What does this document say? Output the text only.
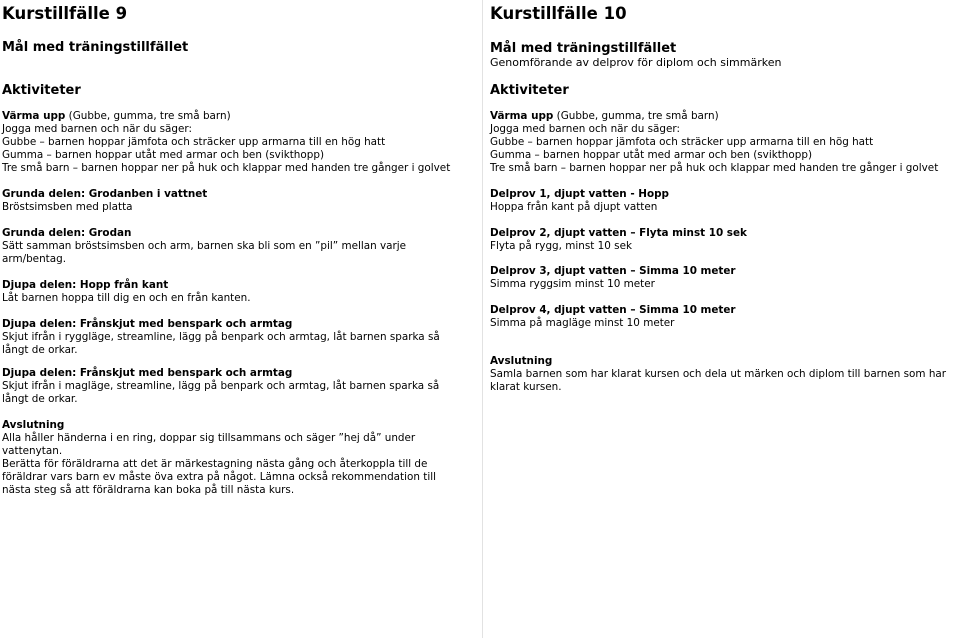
Kurstillfälle 9
Mål med träningstillfället
Aktiviteter
Värma upp (Gubbe, gumma, tre små barn)
Jogga med barnen och när du säger:
Gubbe – barnen hoppar jämfota och sträcker upp armarna till en hög hatt
Gumma – barnen hoppar utåt med armar och ben (svikthopp)
Tre små barn – barnen hoppar ner på huk och klappar med handen tre gånger i golvet
Grunda delen: Grodanben i vattnet
Bröstsimsben med platta
Grunda delen: Grodan
Sätt samman bröstsimsben och arm, barnen ska bli som en ”pil” mellan varje arm/bentag.
Djupa delen: Hopp från kant
Låt barnen hoppa till dig en och en från kanten.
Djupa delen: Frånskjut med benspark och armtag
Skjut ifrån i ryggläge, streamline, lägg på benpark och armtag, låt barnen sparka så långt de orkar.
Djupa delen: Frånskjut med benspark och armtag
Skjut ifrån i magläge, streamline, lägg på benpark och armtag, låt barnen sparka så långt de orkar.
Avslutning
Alla håller händerna i en ring, doppar sig tillsammans och säger ”hej då” under vattenytan.
Berätta för föräldrarna att det är märkestagning nästa gång och återkoppla till de föräldrar vars barn ev måste öva extra på något. Lämna också rekommendation till nästa steg så att föräldrarna kan boka på till nästa kurs.
Kurstillfälle 10
Mål med träningstillfället
Genomförande av delprov för diplom och simmärken
Aktiviteter
Värma upp (Gubbe, gumma, tre små barn)
Jogga med barnen och när du säger:
Gubbe – barnen hoppar jämfota och sträcker upp armarna till en hög hatt
Gumma – barnen hoppar utåt med armar och ben (svikthopp)
Tre små barn – barnen hoppar ner på huk och klappar med handen tre gånger i golvet
Delprov 1, djupt vatten - Hopp
Hoppa från kant på djupt vatten
Delprov 2, djupt vatten – Flyta minst 10 sek
Flyta på rygg, minst 10 sek
Delprov 3, djupt vatten – Simma 10 meter
Simma ryggsim minst 10 meter
Delprov 4, djupt vatten – Simma 10 meter
Simma på magläge minst 10 meter
Avslutning
Samla barnen som har klarat kursen och dela ut märken och diplom till barnen som har klarat kursen.
